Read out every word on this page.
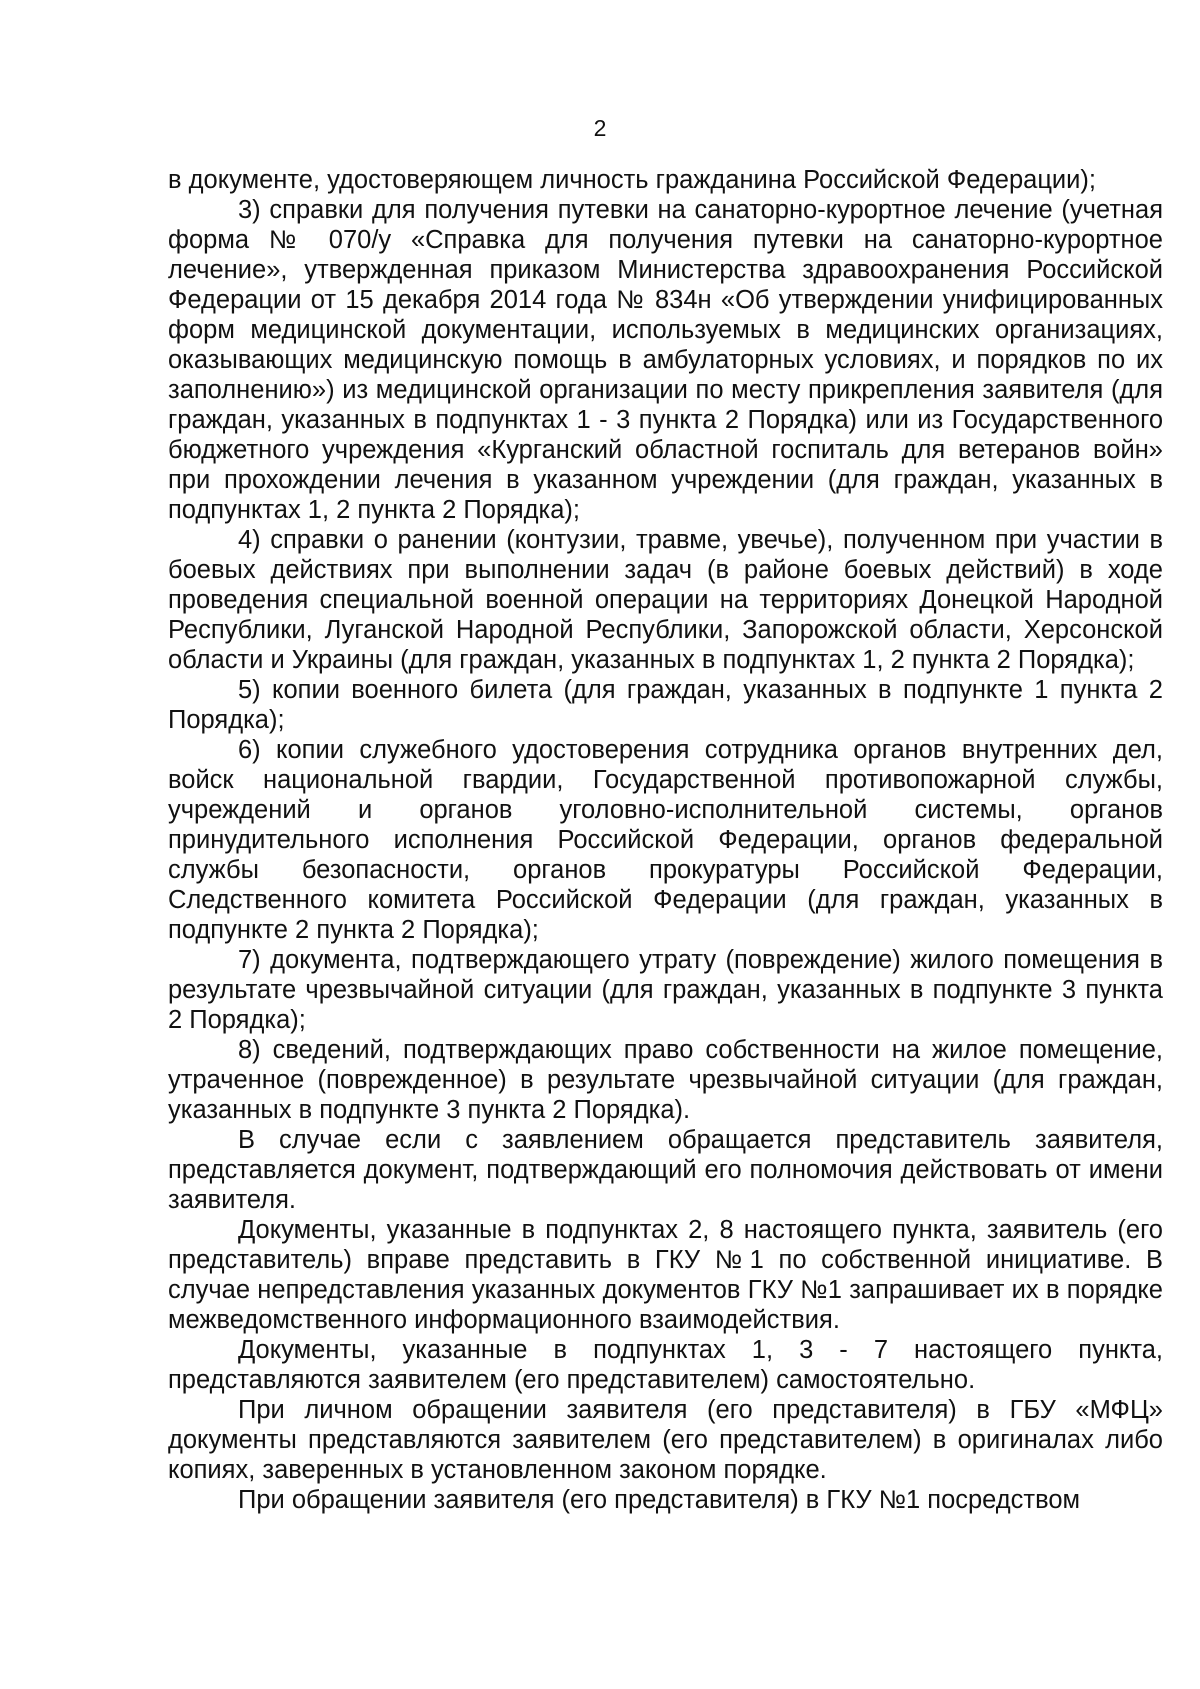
2

в документе, удостоверяющем личность гражданина Российской Федерации);

3) справки для получения путевки на санаторно-курортное лечение (учетная форма № 070/у «Справка для получения путевки на санаторно-курортное лечение», утвержденная приказом Министерства здравоохранения Российской Федерации от 15 декабря 2014 года № 834н «Об утверждении унифицированных форм медицинской документации, используемых в медицинских организациях, оказывающих медицинскую помощь в амбулаторных условиях, и порядков по их заполнению») из медицинской организации по месту прикрепления заявителя (для граждан, указанных в подпунктах 1 - 3 пункта 2 Порядка) или из Государственного бюджетного учреждения «Курганский областной госпиталь для ветеранов войн» при прохождении лечения в указанном учреждении (для граждан, указанных в подпунктах 1, 2 пункта 2 Порядка);

4) справки о ранении (контузии, травме, увечье), полученном при участии в боевых действиях при выполнении задач (в районе боевых действий) в ходе проведения специальной военной операции на территориях Донецкой Народной Республики, Луганской Народной Республики, Запорожской области, Херсонской области и Украины (для граждан, указанных в подпунктах 1, 2 пункта 2 Порядка);

5) копии военного билета (для граждан, указанных в подпункте 1 пункта 2 Порядка);

6) копии служебного удостоверения сотрудника органов внутренних дел, войск национальной гвардии, Государственной противопожарной службы, учреждений и органов уголовно-исполнительной системы, органов принудительного исполнения Российской Федерации, органов федеральной службы безопасности, органов прокуратуры Российской Федерации, Следственного комитета Российской Федерации (для граждан, указанных в подпункте 2 пункта 2 Порядка);

7) документа, подтверждающего утрату (повреждение) жилого помещения в результате чрезвычайной ситуации (для граждан, указанных в подпункте 3 пункта 2 Порядка);

8) сведений, подтверждающих право собственности на жилое помещение, утраченное (поврежденное) в результате чрезвычайной ситуации (для граждан, указанных в подпункте 3 пункта 2 Порядка).

В случае если с заявлением обращается представитель заявителя, представляется документ, подтверждающий его полномочия действовать от имени заявителя.

Документы, указанные в подпунктах 2, 8 настоящего пункта, заявитель (его представитель) вправе представить в ГКУ №1 по собственной инициативе. В случае непредставления указанных документов ГКУ №1 запрашивает их в порядке межведомственного информационного взаимодействия.

Документы, указанные в подпунктах 1, 3 - 7 настоящего пункта, представляются заявителем (его представителем) самостоятельно.

При личном обращении заявителя (его представителя) в ГБУ «МФЦ» документы представляются заявителем (его представителем) в оригиналах либо копиях, заверенных в установленном законом порядке.

При обращении заявителя (его представителя) в ГКУ №1 посредством
